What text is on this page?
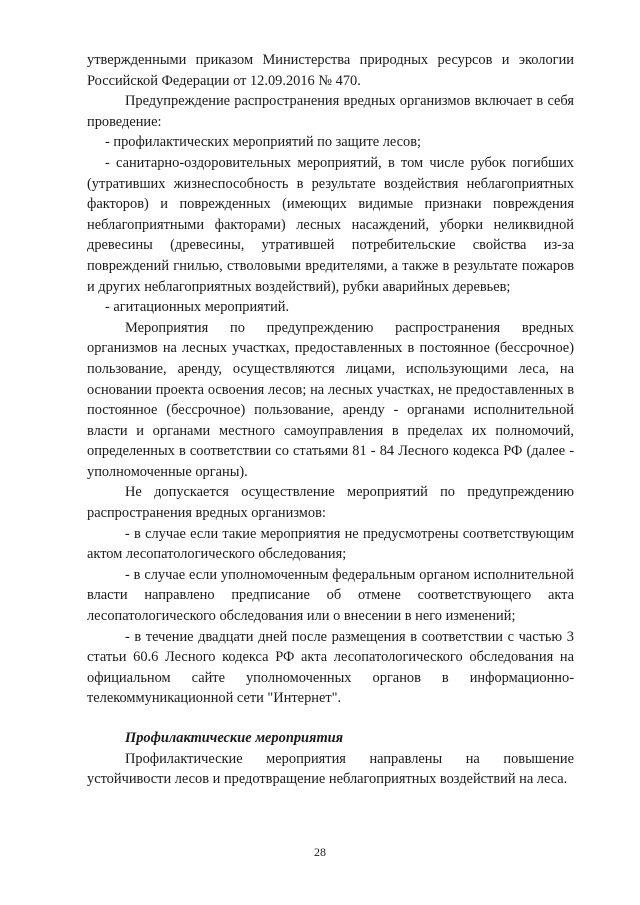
утвержденными приказом Министерства природных ресурсов и экологии Российской Федерации от 12.09.2016 № 470.

Предупреждение распространения вредных организмов включает в себя проведение:

- профилактических мероприятий по защите лесов;

- санитарно-оздоровительных мероприятий, в том числе рубок погибших (утративших жизнеспособность в результате воздействия неблагоприятных факторов) и поврежденных (имеющих видимые признаки повреждения неблагоприятными факторами) лесных насаждений, уборки неликвидной древесины (древесины, утратившей потребительские свойства из-за повреждений гнилью, стволовыми вредителями, а также в результате пожаров и других неблагоприятных воздействий), рубки аварийных деревьев;

- агитационных мероприятий.

Мероприятия по предупреждению распространения вредных организмов на лесных участках, предоставленных в постоянное (бессрочное) пользование, аренду, осуществляются лицами, использующими леса, на основании проекта освоения лесов; на лесных участках, не предоставленных в постоянное (бессрочное) пользование, аренду - органами исполнительной власти и органами местного самоуправления в пределах их полномочий, определенных в соответствии со статьями 81 - 84 Лесного кодекса РФ (далее - уполномоченные органы).

Не допускается осуществление мероприятий по предупреждению распространения вредных организмов:

- в случае если такие мероприятия не предусмотрены соответствующим актом лесопатологического обследования;

- в случае если уполномоченным федеральным органом исполнительной власти направлено предписание об отмене соответствующего акта лесопатологического обследования или о внесении в него изменений;

- в течение двадцати дней после размещения в соответствии с частью 3 статьи 60.6 Лесного кодекса РФ акта лесопатологического обследования на официальном сайте уполномоченных органов в информационно-телекоммуникационной сети "Интернет".

Профилактические мероприятия

Профилактические мероприятия направлены на повышение устойчивости лесов и предотвращение неблагоприятных воздействий на леса.

28
